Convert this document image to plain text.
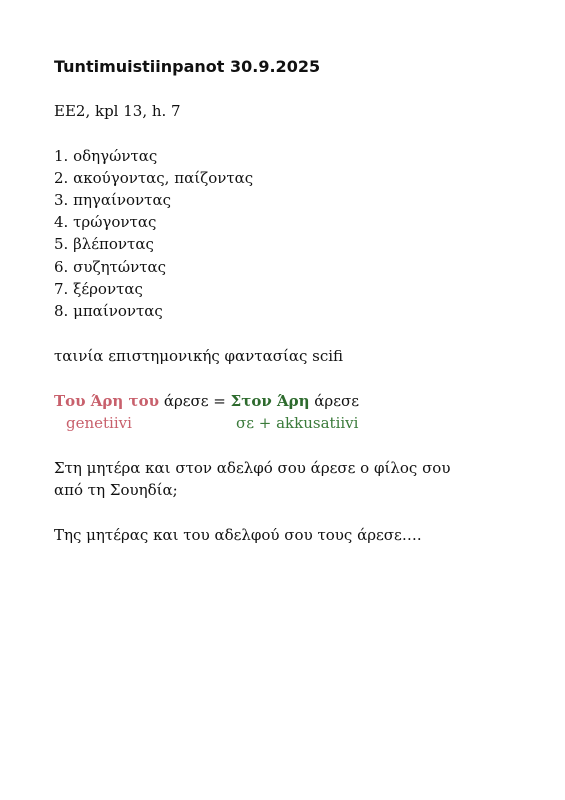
Tuntimuistiinpanot 30.9.2025
EE2, kpl 13, h. 7
1. οδηγώντας
2. ακούγοντας, παίζοντας
3. πηγαίνοντας
4. τρώγοντας
5. βλέποντας
6. συζητώντας
7. ξέροντας
8. μπαίνοντας
ταινία επιστημονικής φαντασίας scifi
Του Άρη του άρεσε = Στον Άρη άρεσε
genetiivi	σε + akkusatiivi
Στη μητέρα και στον αδελφό σου άρεσε ο φίλος σου
από τη Σουηδία;
Της μητέρας και του αδελφού σου τους άρεσε….
